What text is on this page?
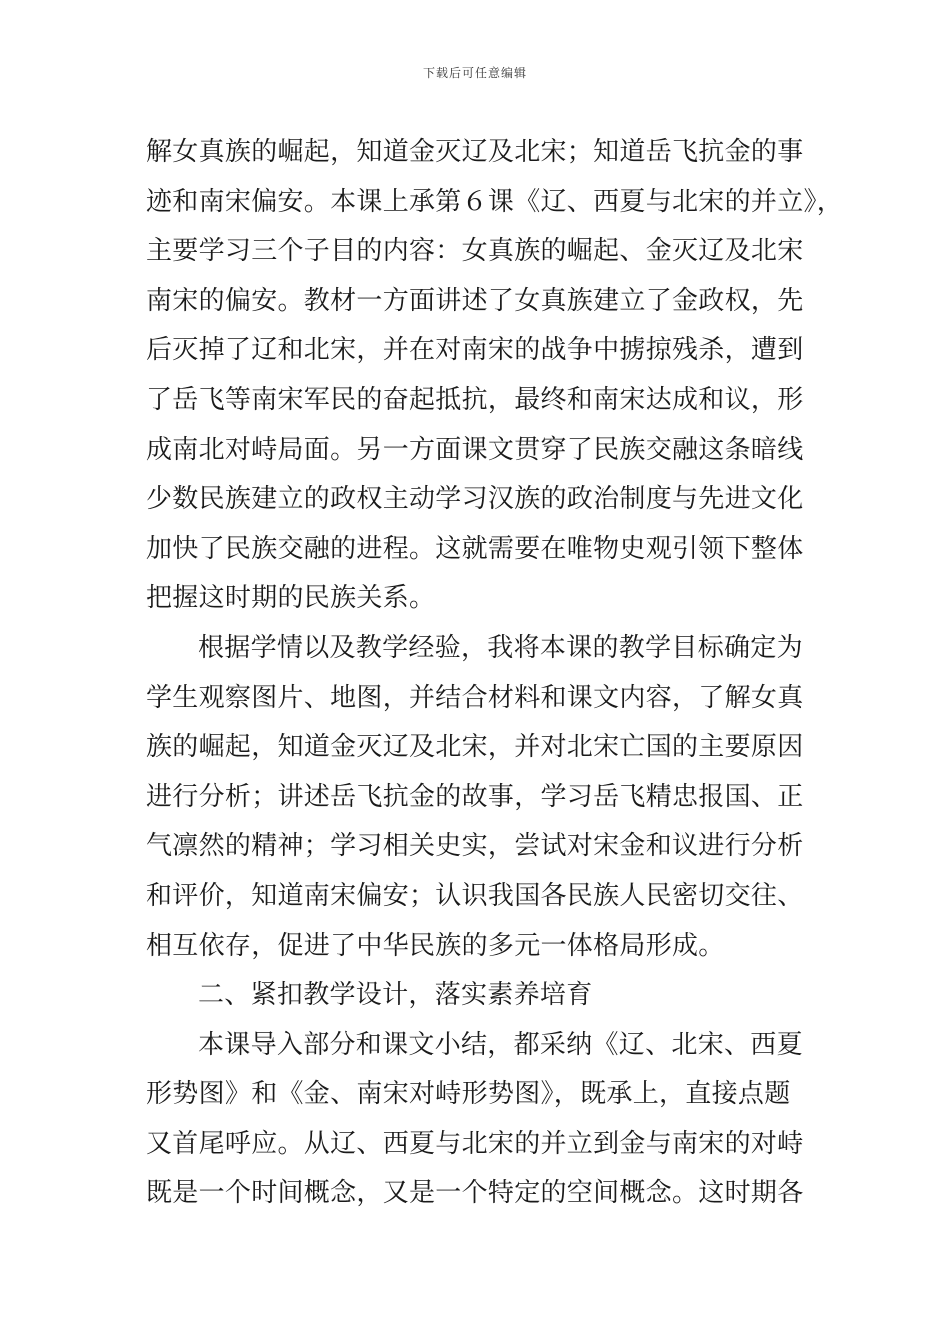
下载后可任意编辑
解女真族的崛起，知道金灭辽及北宋；知道岳飞抗金的事
迹和南宋偏安。本课上承第６课《辽、西夏与北宋的并立》，
主要学习三个子目的内容：女真族的崛起、金灭辽及北宋
南宋的偏安。教材一方面讲述了女真族建立了金政权，先
后灭掉了辽和北宋，并在对南宋的战争中掳掠残杀，遭到
了岳飞等南宋军民的奋起抵抗，最终和南宋达成和议，形
成南北对峙局面。另一方面课文贯穿了民族交融这条暗线
少数民族建立的政权主动学习汉族的政治制度与先进文化
加快了民族交融的进程。这就需要在唯物史观引领下整体
把握这时期的民族关系。
根据学情以及教学经验，我将本课的教学目标确定为
学生观察图片、地图，并结合材料和课文内容，了解女真
族的崛起，知道金灭辽及北宋，并对北宋亡国的主要原因
进行分析；讲述岳飞抗金的故事，学习岳飞精忠报国、正
气凛然的精神；学习相关史实，尝试对宋金和议进行分析
和评价，知道南宋偏安；认识我国各民族人民密切交往、
相互依存，促进了中华民族的多元一体格局形成。
二、紧扣教学设计，落实素养培育
本课导入部分和课文小结，都采纳《辽、北宋、西夏
形势图》和《金、南宋对峙形势图》，既承上，直接点题
又首尾呼应。从辽、西夏与北宋的并立到金与南宋的对峙
既是一个时间概念，又是一个特定的空间概念。这时期各
